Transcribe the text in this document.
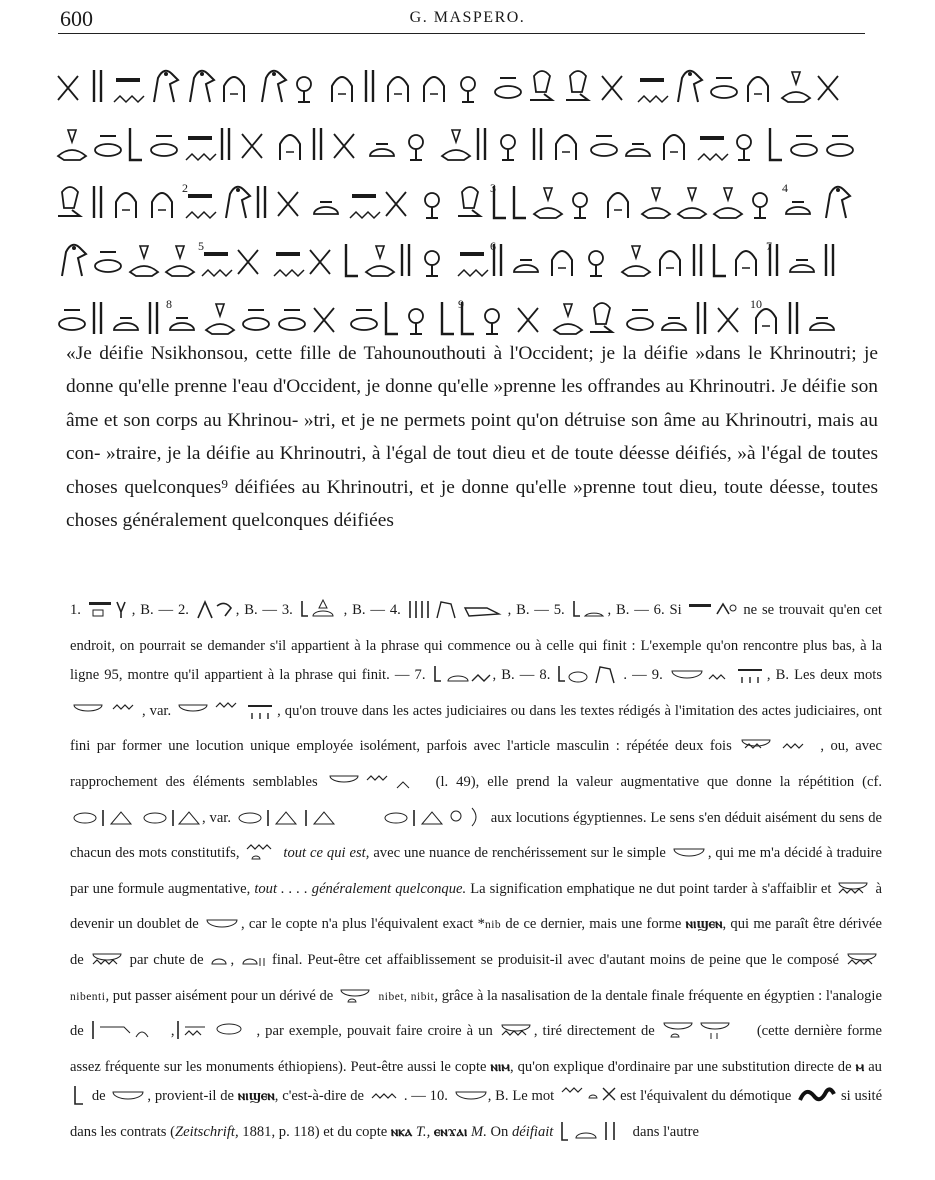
600	G. MASPERO.
2	3	4
5	6	7
8	9	10

«Je déifie Nsikhonsou, cette fille de Tahounouthouti à l'Occident; je la déifie »dans le Khrinoutri; je donne qu'elle prenne l'eau d'Occident, je donne qu'elle »prenne les offrandes au Khrinoutri. Je déifie son âme et son corps au Khrinou- »tri, et je ne permets point qu'on détruise son âme au Khrinoutri, mais au con- »traire, je la déifie au Khrinoutri, à l'égal de tout dieu et de toute déesse déifiés, »à l'égal de toutes choses quelconques⁹ déifiées au Khrinoutri, et je donne qu'elle »prenne tout dieu, toute déesse, toutes choses généralement quelconques déifiées

1.	, B. — 2.	, B. — 3.	, B. — 4.	, B. — 5.	, B. — 6. Si	ne se trouvait qu'en cet endroit, on pourrait se demander s'il appartient à la phrase qui commence ou à celle qui finit : L'exemple qu'on rencontre plus bas, à la ligne 95, montre qu'il appartient à la phrase qui finit. — 7.	, B. — 8.	. — 9.	, B. Les deux mots , var.	, qu'on trouve dans les actes judiciaires ou dans les textes rédigés à l'imitation des actes judiciaires, ont fini par former une locution unique employée isolément, parfois avec l'article masculin : répétée deux fois	, ou, avec rapprochement des éléments semblables	(l. 49), elle prend la valeur augmentative que donne la répétition (cf. , var.	aux locutions égyptiennes. Le sens s'en déduit aisément du sens de chacun des mots constitutifs,	tout ce qui est, avec une nuance de renchérissement sur le simple	, qui me m'a décidé à traduire par une formule augmentative, tout . . . . généralement quelconque. La signification emphatique ne dut point tarder à s'affaiblir et	à devenir un doublet de	, car le copte n'a plus l'équivalent exact *nib de ce dernier, mais une forme ⲛⲓϣⲉⲛ, qui me paraît être dérivée de	par chute de ,  final. Peut-être cet affaiblissement se produisit-il avec d'autant moins de peine que le composé  nibenti, put passer aisément pour un dérivé de	nibet, nibit, grâce à la nasalisation de la dentale finale fréquente en égyptien : l'analogie de	,	, par exemple, pouvait faire croire à un	, tiré directement de	(cette dernière forme assez fréquente sur les monuments éthiopiens). Peut-être aussi le copte ⲛⲓⲙ, qu'on explique d'ordinaire par une substitution directe de ⲙ au  de	, provient-il de ⲛⲓϣⲉⲛ, c'est-à-dire de	. — 10.	, B. Le mot	est l'équivalent du démotique	si usité dans les contrats (Zeitschrift, 1881, p. 118) et du copte ⲛⲕⲁ T., ⲉⲛϫⲁⲓ M. On déifiait	dans l'autre
